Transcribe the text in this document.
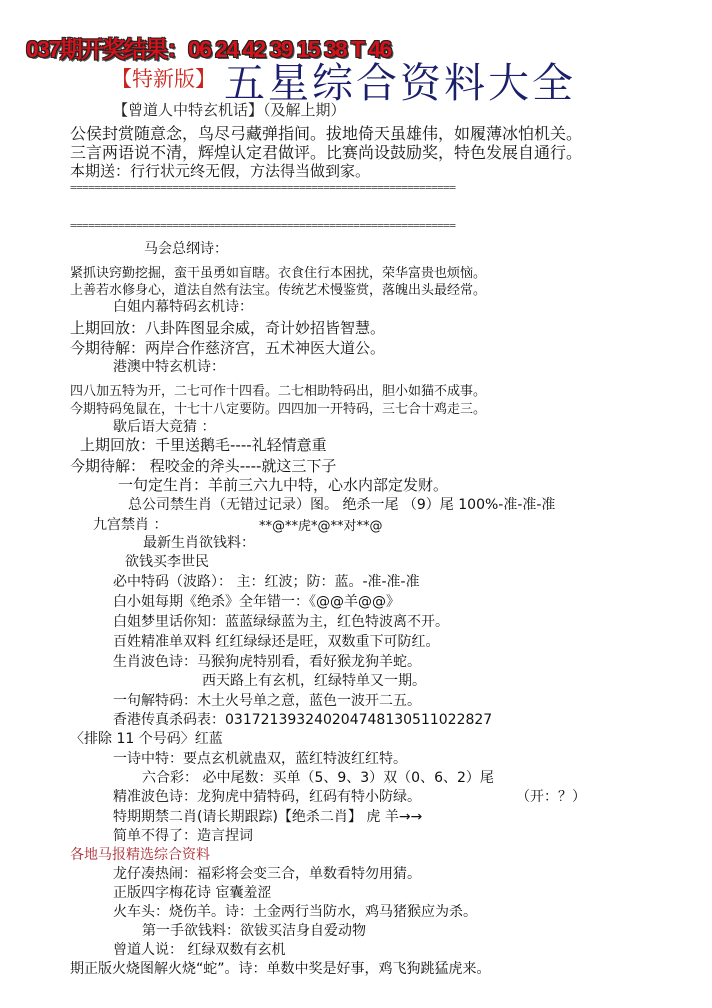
037期开奖结果：06 24 42 39 15 38 T 46
【特新版】 五星综合资料大全
【曾道人中特玄机话】（及解上期）
公侯封赏随意念，鸟尽弓藏弹指间。拔地倚天虽雄伟，如履薄冰怕机关。
三言两语说不清，辉煌认定君做评。比赛尚设鼓励奖，特色发展自通行。
本期送：行行状元终无假，方法得当做到家。
================================================================
================================================================
马会总纲诗：
紧抓诀窍勤挖掘，蛮干虽勇如盲瞎。衣食住行本困扰，荣华富贵也烦恼。
上善若水修身心，道法自然有法宝。传统艺术慢鉴赏，落魄出头最经常。
白姐内幕特码玄机诗：
上期回放：八卦阵图显余威，奇计妙招皆智慧。
今期待解：两岸合作慈济宫，五术神医大道公。
港澳中特玄机诗：
四八加五特为开，二七可作十四看。二七相助特码出，胆小如猫不成事。
今期特码兔鼠在，十七十八定要防。四四加一开特码，三七合十鸡走三。
歇后语大竞猜 ：
上期回放：千里送鹅毛----礼轻情意重
今期待解： 程咬金的斧头----就这三下子
一句定生肖：羊前三六九中特，心水内部定发财。
总公司禁生肖（无错过记录）图。 绝杀一尾 （9）尾 100%-准-准-准
九宫禁肖 ：	**@**虎*@**对**@
最新生肖欲钱料：
欲钱买李世民
必中特码（波路）： 主：红波；防：蓝。-准-准-准
白小姐每期《绝杀》全年错一：《@@羊@@》
白姐梦里话你知：蓝蓝绿绿蓝为主，红色特波离不开。
百姓精准单双料 红红绿绿还是旺，双数重下可防红。
生肖波色诗：马猴狗虎特别看，看好猴龙狗羊蛇。
西天路上有玄机，红绿特单又一期。
一句解特码：木土火号单之意，蓝色一波开二五。
香港传真杀码表：03172139324020474813051102​2827
〈排除 11 个号码〉红蓝
一诗中特：要点玄机就蛊双，蓝红特波红红特。
六合彩： 必中尾数：买单（5、9、3）双（0、6、2）尾
精准波色诗：龙狗虎中猜特码，红码有特小防绿。	（开：？）
特期期禁二肖(请长期跟踪)【绝杀二肖】 虎 羊→→
简单不得了：造言捏词
各地马报精选综合资料
龙仔凑热闹：福彩将会变三合，单数看特勿用猜。
正版四字梅花诗 宦囊羞涩
火车头：烧伤羊。诗：土金两行当防水，鸡马猪猴应为杀。
第一手欲钱料：欲钹买洁身自爱动物
曾道人说： 红绿双数有玄机
期正版火烧图解火烧“蛇”。诗：单数中奖是好事，鸡飞狗跳猛虎来。
